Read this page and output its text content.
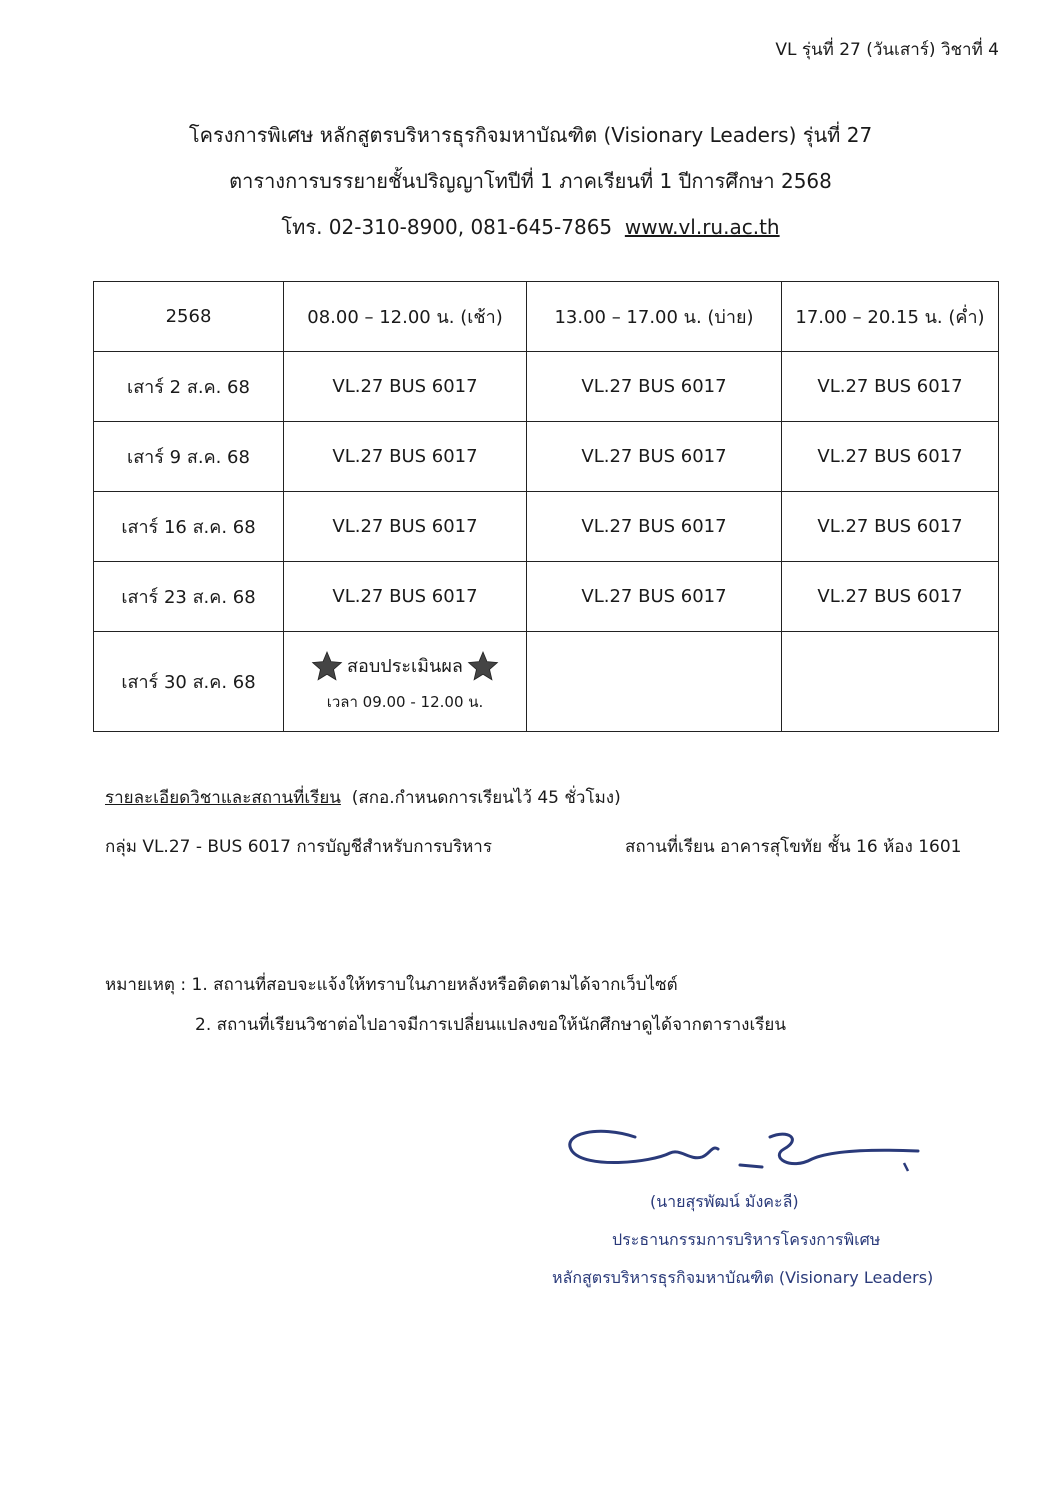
VL รุ่นที่ 27 (วันเสาร์) วิชาที่ 4
โครงการพิเศษ หลักสูตรบริหารธุรกิจมหาบัณฑิต (Visionary Leaders) รุ่นที่ 27
ตารางการบรรยายชั้นปริญญาโทปีที่ 1 ภาคเรียนที่ 1 ปีการศึกษา 2568
โทร. 02-310-8900, 081-645-7865 www.vl.ru.ac.th
2568	08.00 – 12.00 น. (เช้า)	13.00 – 17.00 น. (บ่าย)	17.00 – 20.15 น. (ค่ำ)
เสาร์ 2 ส.ค. 68	VL.27 BUS 6017	VL.27 BUS 6017	VL.27 BUS 6017
เสาร์ 9 ส.ค. 68	VL.27 BUS 6017	VL.27 BUS 6017	VL.27 BUS 6017
เสาร์ 16 ส.ค. 68	VL.27 BUS 6017	VL.27 BUS 6017	VL.27 BUS 6017
เสาร์ 23 ส.ค. 68	VL.27 BUS 6017	VL.27 BUS 6017	VL.27 BUS 6017
เสาร์ 30 ส.ค. 68	สอบประเมินผล
เวลา 09.00 - 12.00 น.		

รายละเอียดวิชาและสถานที่เรียน (สกอ.กำหนดการเรียนไว้ 45 ชั่วโมง)
กลุ่ม VL.27 - BUS 6017 การบัญชีสำหรับการบริหาร	สถานที่เรียน อาคารสุโขทัย ชั้น 16 ห้อง 1601
หมายเหตุ : 1. สถานที่สอบจะแจ้งให้ทราบในภายหลังหรือติดตามได้จากเว็บไซต์
2. สถานที่เรียนวิชาต่อไปอาจมีการเปลี่ยนแปลงขอให้นักศึกษาดูได้จากตารางเรียน
(นายสุรพัฒน์ มังคะลี)
ประธานกรรมการบริหารโครงการพิเศษ
หลักสูตรบริหารธุรกิจมหาบัณฑิต (Visionary Leaders)
